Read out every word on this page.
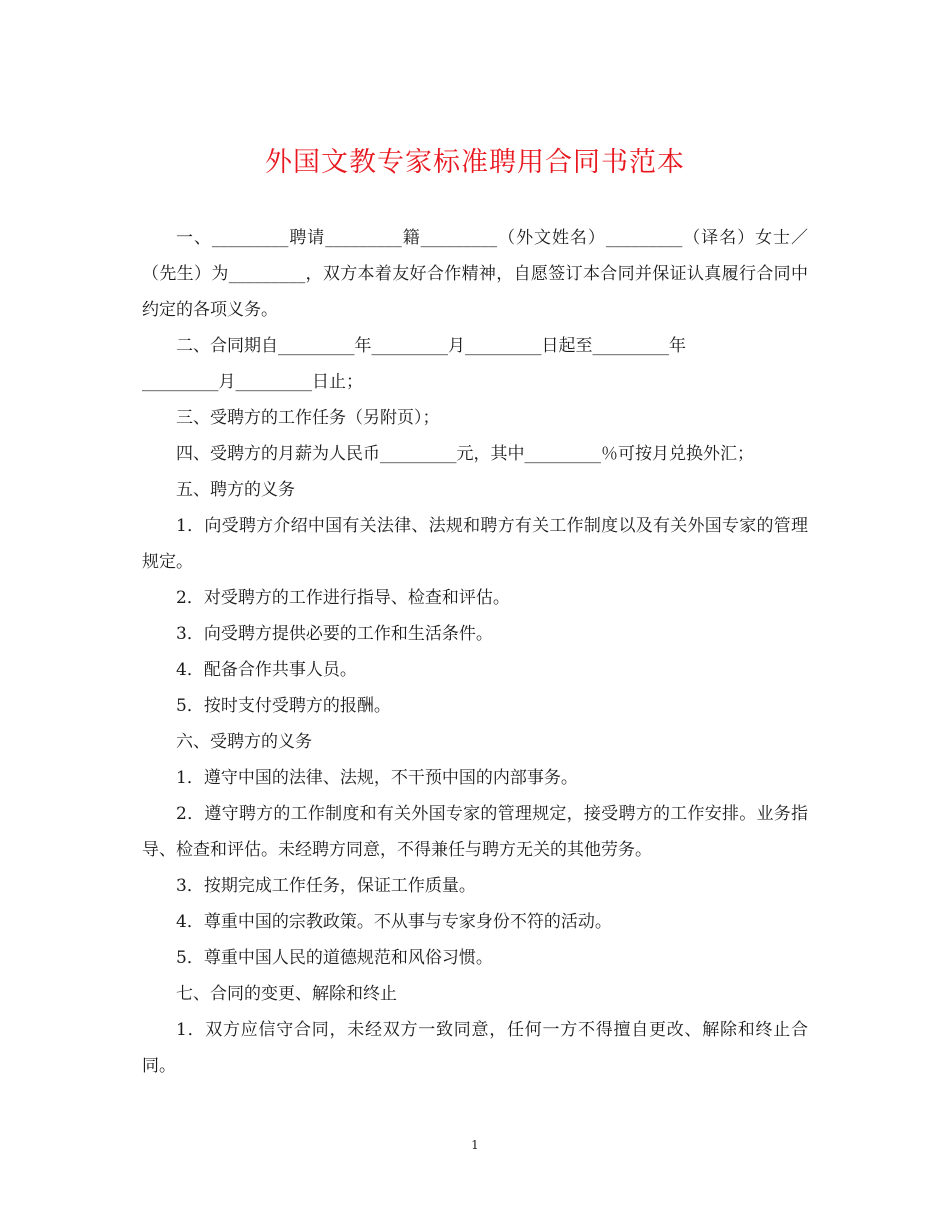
外国文教专家标准聘用合同书范本

一、_________聘请_________籍_________（外文姓名）_________（译名）女士／（先生）为_________，双方本着友好合作精神，自愿签订本合同并保证认真履行合同中约定的各项义务。

二、合同期自_________年_________月_________日起至_________年

_________月_________日止；

三、受聘方的工作任务（另附页）；

四、受聘方的月薪为人民币_________元，其中_________％可按月兑换外汇；

五、聘方的义务

1．向受聘方介绍中国有关法律、法规和聘方有关工作制度以及有关外国专家的管理规定。

2．对受聘方的工作进行指导、检查和评估。

3．向受聘方提供必要的工作和生活条件。

4．配备合作共事人员。

5．按时支付受聘方的报酬。

六、受聘方的义务

1．遵守中国的法律、法规，不干预中国的内部事务。

2．遵守聘方的工作制度和有关外国专家的管理规定，接受聘方的工作安排。业务指导、检查和评估。未经聘方同意，不得兼任与聘方无关的其他劳务。

3．按期完成工作任务，保证工作质量。

4．尊重中国的宗教政策。不从事与专家身份不符的活动。

5．尊重中国人民的道德规范和风俗习惯。

七、合同的变更、解除和终止

1．双方应信守合同，未经双方一致同意，任何一方不得擅自更改、解除和终止合同。

1
